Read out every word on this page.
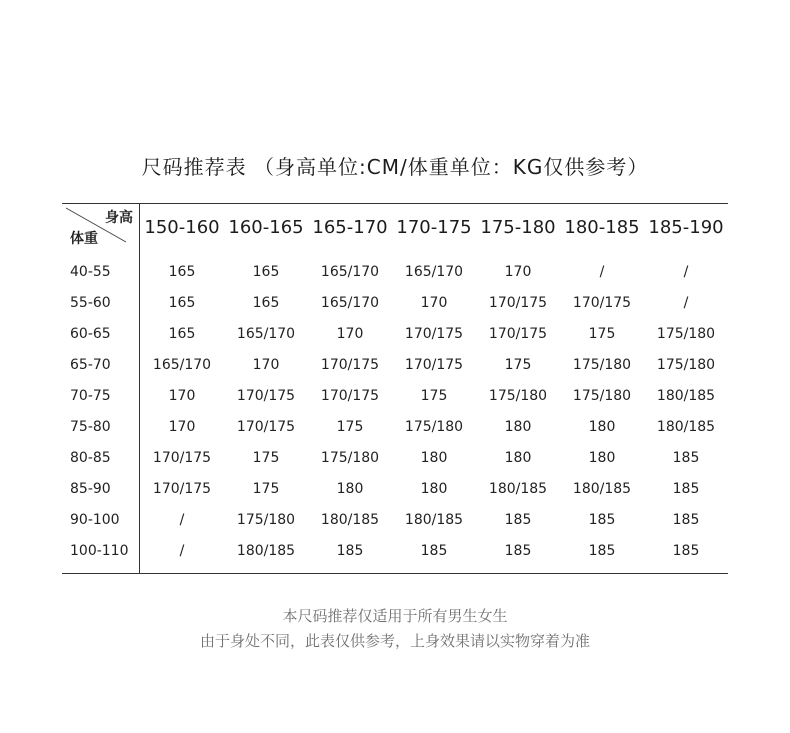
尺码推荐表 （身高单位:CM/体重单位：KG仅供参考）
身高
体重
150-160 160-165 165-170 170-175 175-180 180-185 185-190
40-55	165	165	165/170	165/170	170	/	/
55-60	165	165	165/170	170	170/175	170/175	/
60-65	165	165/170	170	170/175	170/175	175	175/180
65-70	165/170	170	170/175	170/175	175	175/180	175/180
70-75	170	170/175	170/175	175	175/180	175/180	180/185
75-80	170	170/175	175	175/180	180	180	180/185
80-85	170/175	175	175/180	180	180	180	185
85-90	170/175	175	180	180	180/185	180/185	185
90-100	/	175/180	180/185	180/185	185	185	185
100-110	/	180/185	185	185	185	185	185
本尺码推荐仅适用于所有男生女生
由于身处不同，此表仅供参考，上身效果请以实物穿着为准
